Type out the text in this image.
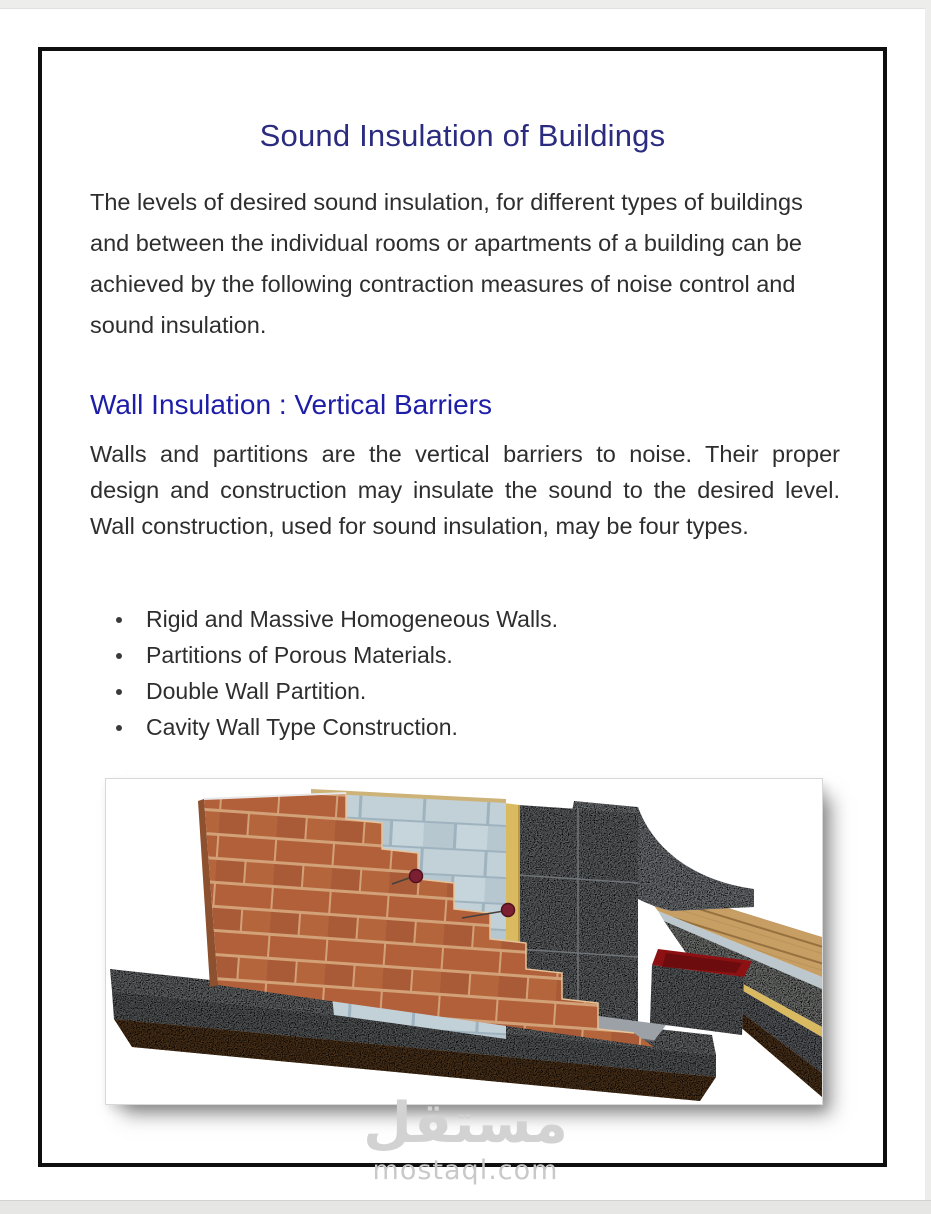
Sound Insulation of Buildings
The levels of desired sound insulation, for different types of buildings and between the individual rooms or apartments of a building can be achieved by the following contraction measures of noise control and sound insulation.
Wall Insulation : Vertical Barriers
Walls and partitions are the vertical barriers to noise. Their proper design and construction may insulate the sound to the desired level. Wall construction, used for sound insulation, may be four types.
Rigid and Massive Homogeneous Walls.
Partitions of Porous Materials.
Double Wall Partition.
Cavity Wall Type Construction.
مستقل
mostaql.com
